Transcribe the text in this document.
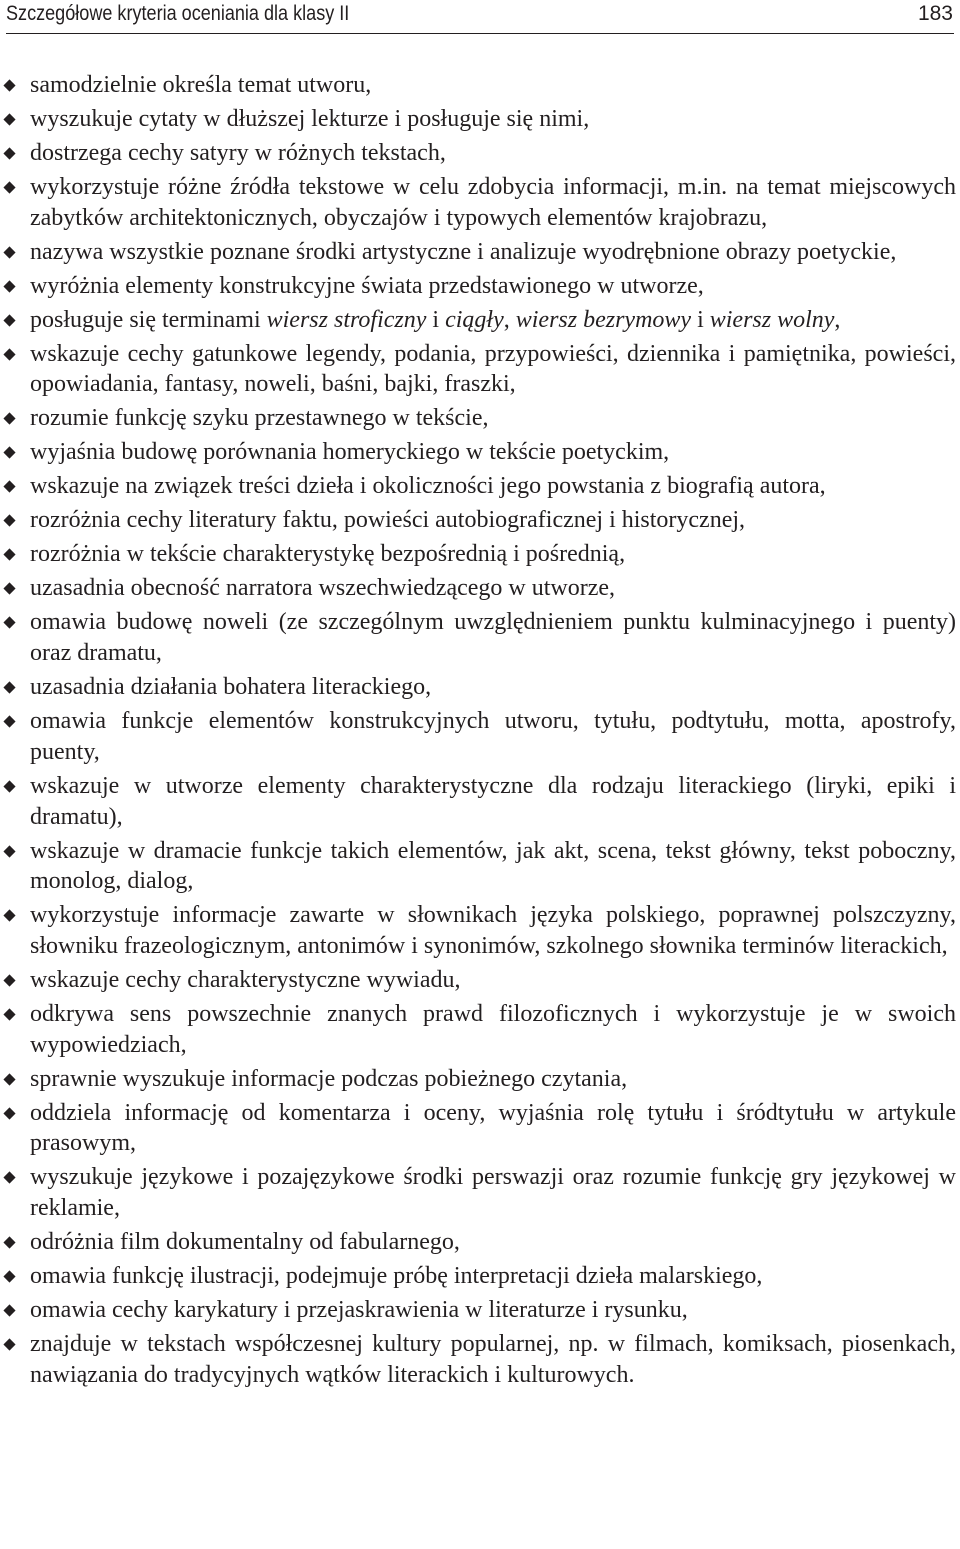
Szczegółowe kryteria oceniania dla klasy II	183
samodzielnie określa temat utworu,
wyszukuje cytaty w dłuższej lekturze i posługuje się nimi,
dostrzega cechy satyry w różnych tekstach,
wykorzystuje różne źródła tekstowe w celu zdobycia informacji, m.in. na temat miejscowych zabytków architektonicznych, obyczajów i typowych elementów krajobrazu,
nazywa wszystkie poznane środki artystyczne i analizuje wyodrębnione obrazy poetyckie,
wyróżnia elementy konstrukcyjne świata przedstawionego w utworze,
posługuje się terminami wiersz stroficzny i ciągły, wiersz bezrymowy i wiersz wolny,
wskazuje cechy gatunkowe legendy, podania, przypowieści, dziennika i pamiętnika, powieści, opowiadania, fantasy, noweli, baśni, bajki, fraszki,
rozumie funkcję szyku przestawnego w tekście,
wyjaśnia budowę porównania homeryckiego w tekście poetyckim,
wskazuje na związek treści dzieła i okoliczności jego powstania z biografią autora,
rozróżnia cechy literatury faktu, powieści autobiograficznej i historycznej,
rozróżnia w tekście charakterystykę bezpośrednią i pośrednią,
uzasadnia obecność narratora wszechwiedzącego w utworze,
omawia budowę noweli (ze szczególnym uwzględnieniem punktu kulminacyjnego i puenty) oraz dramatu,
uzasadnia działania bohatera literackiego,
omawia funkcje elementów konstrukcyjnych utworu, tytułu, podtytułu, motta, apostrofy, puenty,
wskazuje w utworze elementy charakterystyczne dla rodzaju literackiego (liryki, epiki i dramatu),
wskazuje w dramacie funkcje takich elementów, jak akt, scena, tekst główny, tekst poboczny, monolog, dialog,
wykorzystuje informacje zawarte w słownikach języka polskiego, poprawnej polszczyzny, słowniku frazeologicznym, antonimów i synonimów, szkolnego słownika terminów literackich,
wskazuje cechy charakterystyczne wywiadu,
odkrywa sens powszechnie znanych prawd filozoficznych i wykorzystuje je w swoich wypowiedziach,
sprawnie wyszukuje informacje podczas pobieżnego czytania,
oddziela informację od komentarza i oceny, wyjaśnia rolę tytułu i śródtytułu w artykule prasowym,
wyszukuje językowe i pozajęzykowe środki perswazji oraz rozumie funkcję gry językowej w reklamie,
odróżnia film dokumentalny od fabularnego,
omawia funkcję ilustracji, podejmuje próbę interpretacji dzieła malarskiego,
omawia cechy karykatury i przejaskrawienia w literaturze i rysunku,
znajduje w tekstach współczesnej kultury popularnej, np. w filmach, komiksach, piosenkach, nawiązania do tradycyjnych wątków literackich i kulturowych.
